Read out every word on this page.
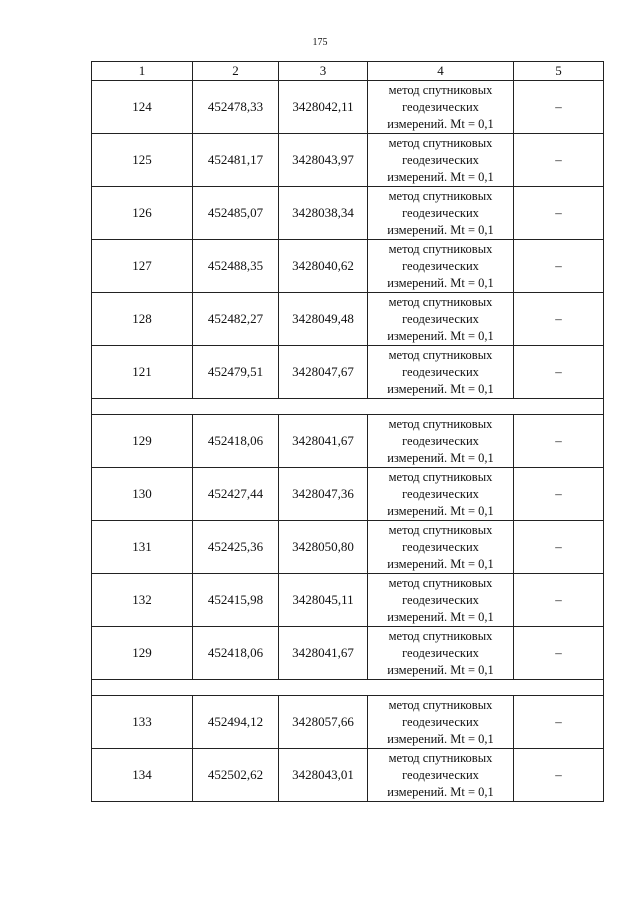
175
1	2	3	4	5
124	452478,33	3428042,11	метод спутниковых
геодезических
измерений. Mt = 0,1	–
125	452481,17	3428043,97	метод спутниковых
геодезических
измерений. Mt = 0,1	–
126	452485,07	3428038,34	метод спутниковых
геодезических
измерений. Mt = 0,1	–
127	452488,35	3428040,62	метод спутниковых
геодезических
измерений. Mt = 0,1	–
128	452482,27	3428049,48	метод спутниковых
геодезических
измерений. Mt = 0,1	–
121	452479,51	3428047,67	метод спутниковых
геодезических
измерений. Mt = 0,1	–

129	452418,06	3428041,67	метод спутниковых
геодезических
измерений. Mt = 0,1	–
130	452427,44	3428047,36	метод спутниковых
геодезических
измерений. Mt = 0,1	–
131	452425,36	3428050,80	метод спутниковых
геодезических
измерений. Mt = 0,1	–
132	452415,98	3428045,11	метод спутниковых
геодезических
измерений. Mt = 0,1	–
129	452418,06	3428041,67	метод спутниковых
геодезических
измерений. Mt = 0,1	–

133	452494,12	3428057,66	метод спутниковых
геодезических
измерений. Mt = 0,1	–
134	452502,62	3428043,01	метод спутниковых
геодезических
измерений. Mt = 0,1	–
